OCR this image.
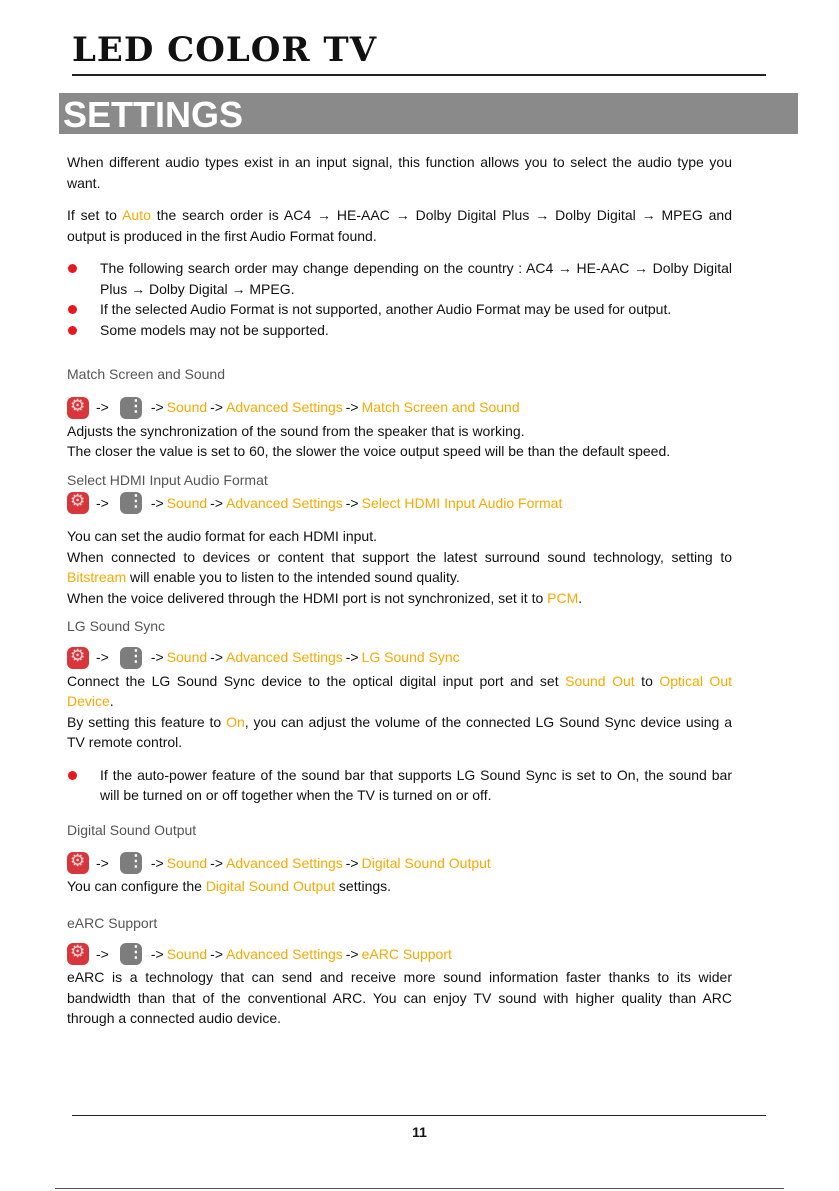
LED COLOR TV
SETTINGS

When different audio types exist in an input signal, this function allows you to select the audio type you want.

If set to Auto the search order is AC4 → HE-AAC → Dolby Digital Plus → Dolby Digital → MPEG and output is produced in the first Audio Format found.

The following search order may change depending on the country : AC4 → HE-AAC → Dolby Digital Plus → Dolby Digital → MPEG.
If the selected Audio Format is not supported, another Audio Format may be used for output.
Some models may not be supported.

Match Screen and Sound

⚙
-> ⋮	-> Sound -> Advanced Settings -> Match Screen and Sound

Adjusts the synchronization of the sound from the speaker that is working.

The closer the value is set to 60, the slower the voice output speed will be than the default speed.

Select HDMI Input Audio Format

⚙
-> ⋮	-> Sound -> Advanced Settings -> Select HDMI Input Audio Format

You can set the audio format for each HDMI input.

When connected to devices or content that support the latest surround sound technology, setting to Bitstream will enable you to listen to the intended sound quality.

When the voice delivered through the HDMI port is not synchronized, set it to PCM.

LG Sound Sync

⚙
-> ⋮	-> Sound -> Advanced Settings -> LG Sound Sync

Connect the LG Sound Sync device to the optical digital input port and set Sound Out to Optical Out Device.

By setting this feature to On, you can adjust the volume of the connected LG Sound Sync device using a TV remote control.

If the auto-power feature of the sound bar that supports LG Sound Sync is set to On, the sound bar will be turned on or off together when the TV is turned on or off.

Digital Sound Output

⚙
-> ⋮	-> Sound -> Advanced Settings -> Digital Sound Output

You can configure the Digital Sound Output settings.

eARC Support

⚙
-> ⋮	-> Sound -> Advanced Settings -> eARC Support

eARC is a technology that can send and receive more sound information faster thanks to its wider bandwidth than that of the conventional ARC. You can enjoy TV sound with higher quality than ARC through a connected audio device.

11
